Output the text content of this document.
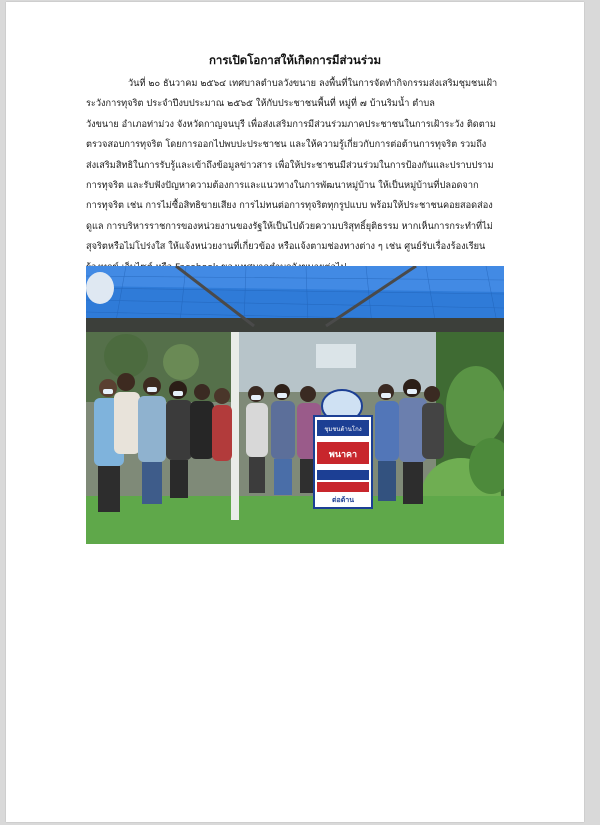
การเปิดโอกาสให้เกิดการมีส่วนร่วม
วันที่ ๒๐ ธันวาคม ๒๕๖๔ เทศบาลตำบลวังขนาย ลงพื้นที่ในการจัดทำกิจกรรมส่งเสริมชุมชนเฝ้า
ระวังการทุจริต ประจำปีงบประมาณ ๒๕๖๕ ให้กับประชาชนพื้นที่ หมู่ที่ ๗ บ้านริมน้ำ ตำบล
วังขนาย อำเภอท่าม่วง จังหวัดกาญจนบุรี เพื่อส่งเสริมการมีส่วนร่วมภาคประชาชนในการเฝ้าระวัง ติดตาม
ตรวจสอบการทุจริต โดยการออกไปพบปะประชาชน และให้ความรู้เกี่ยวกับการต่อต้านการทุจริต รวมถึง
ส่งเสริมสิทธิในการรับรู้และเข้าถึงข้อมูลข่าวสาร เพื่อให้ประชาชนมีส่วนร่วมในการป้องกันและปราบปราม
การทุจริต และรับฟังปัญหาความต้องการและแนวทางในการพัฒนาหมู่บ้าน ให้เป็นหมู่บ้านที่ปลอดจาก
การทุจริต เช่น การไม่ซื้อสิทธิขายเสียง การไม่ทนต่อการทุจริตทุกรูปแบบ พร้อมให้ประชาชนคอยสอดส่อง
ดูแล การบริหารราชการของหน่วยงานของรัฐให้เป็นไปด้วยความบริสุทธิ์ยุติธรรม หากเห็นการกระทำที่ไม่
สุจริตหรือไม่โปร่งใส ให้แจ้งหน่วยงานที่เกี่ยวข้อง หรือแจ้งตามช่องทางต่าง ๆ เช่น ศูนย์รับเรื่องร้องเรียน
ชุมชนต้านโกง
พนาคา
ต่อต้าน
